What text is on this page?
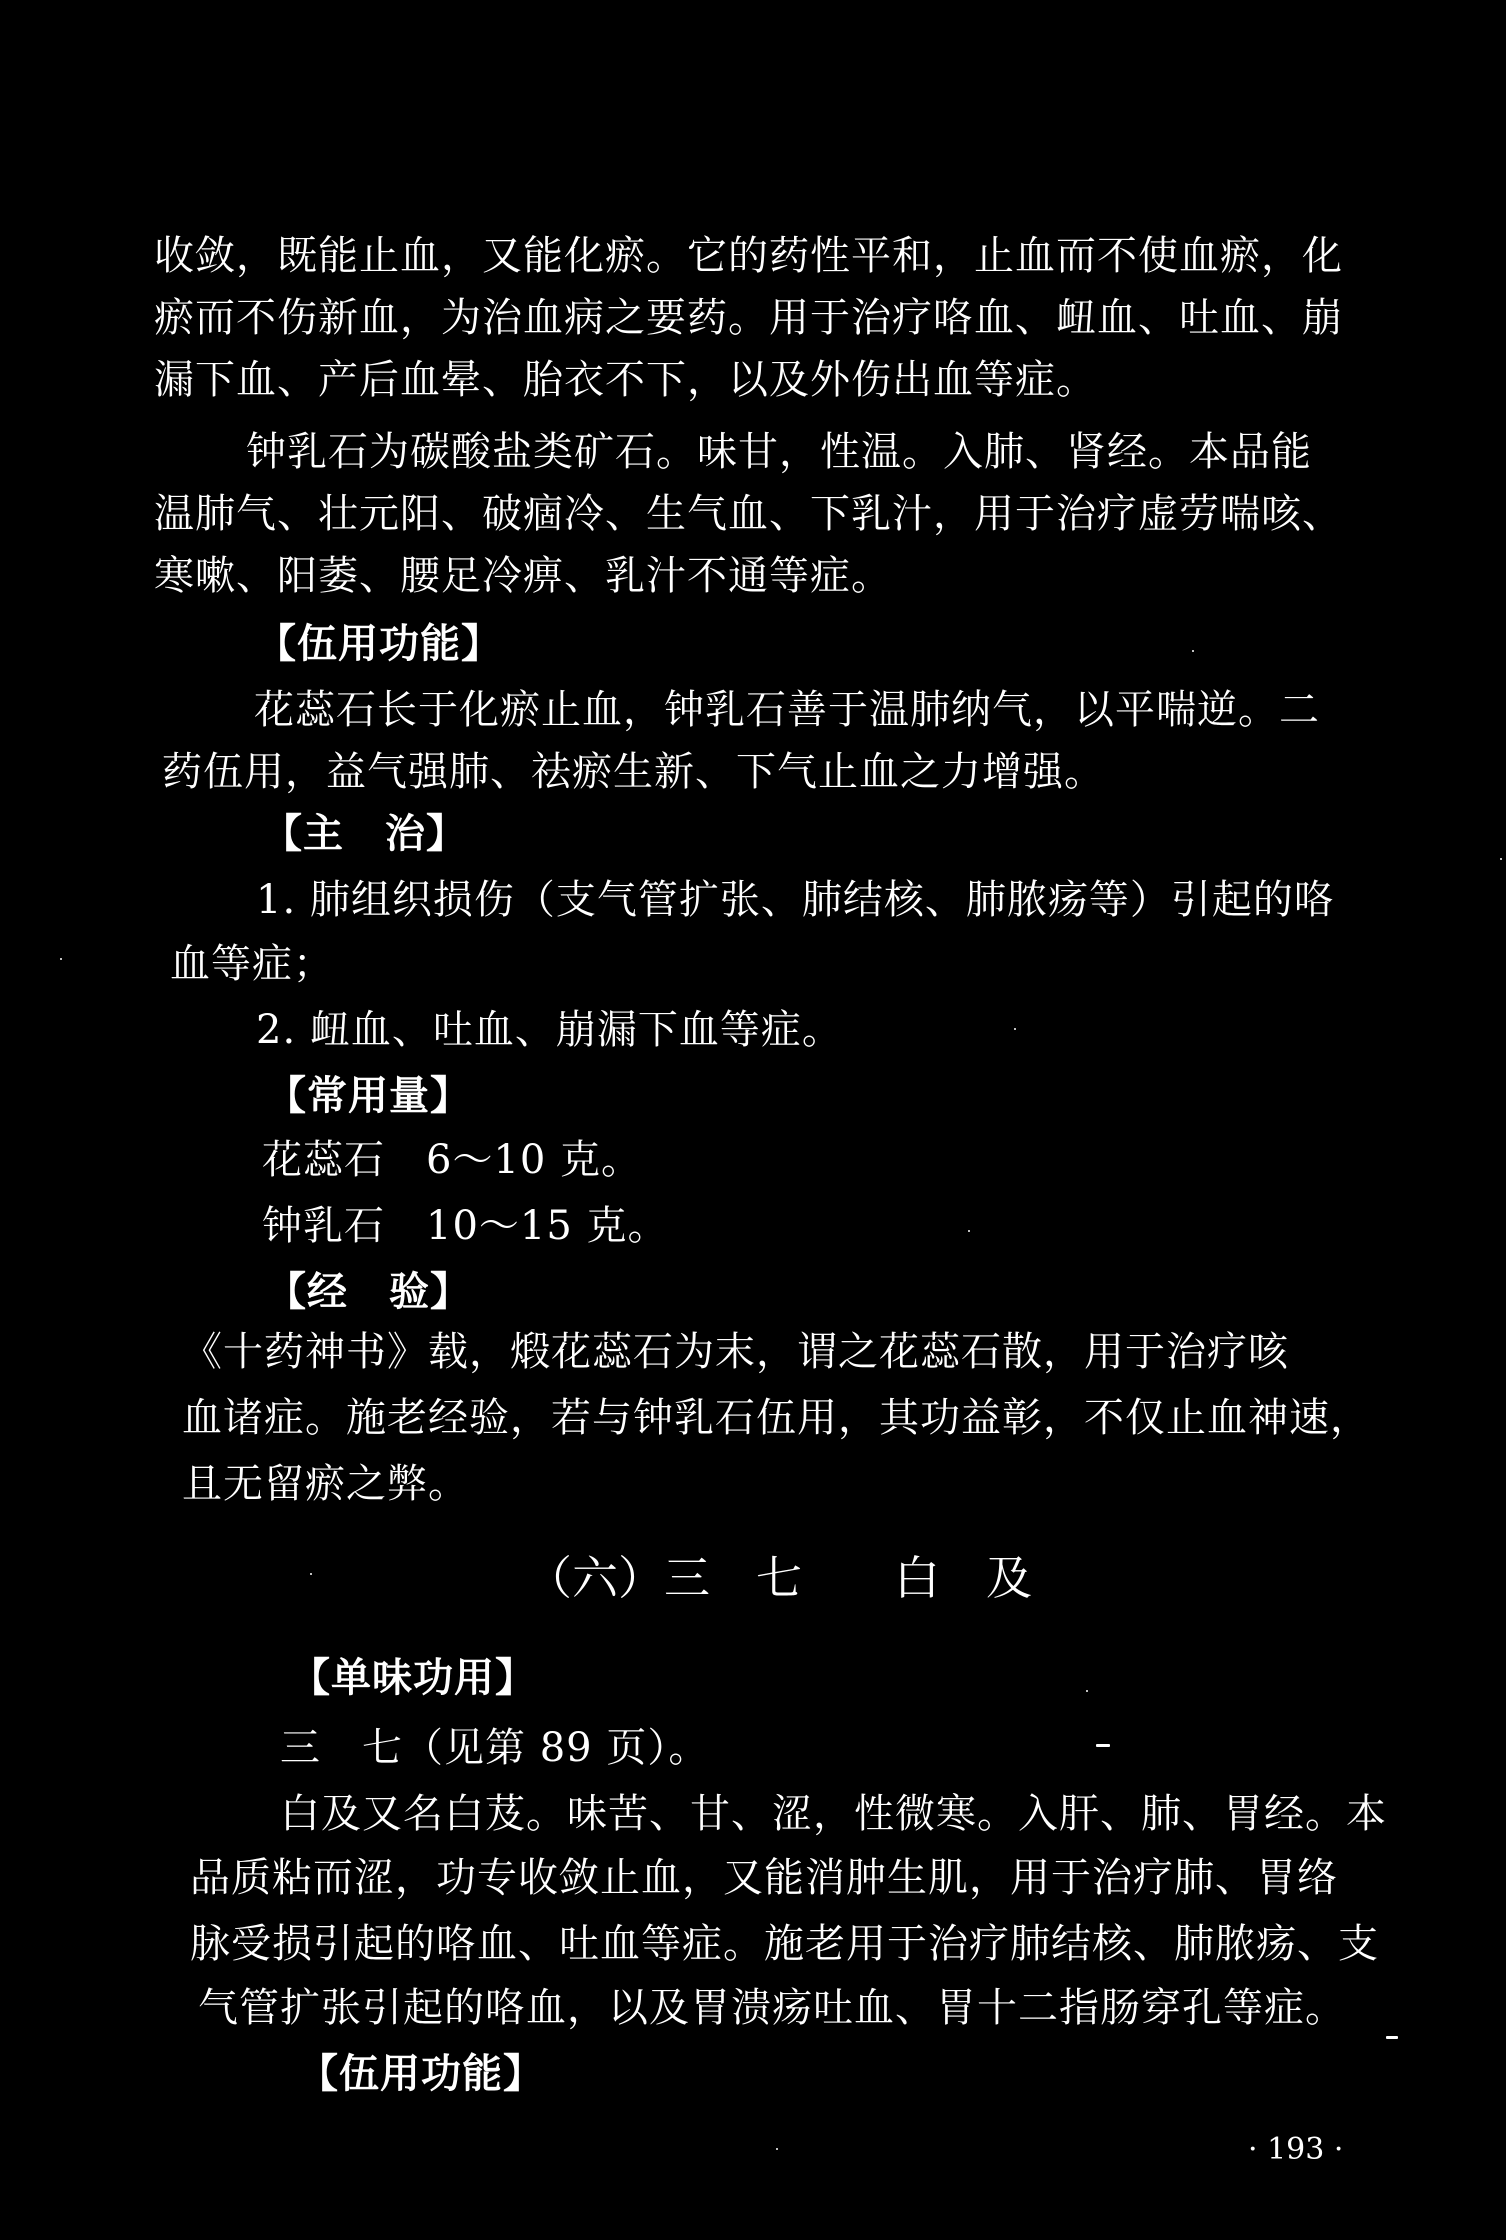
收敛，既能止血，又能化瘀。它的药性平和，止血而不使血瘀，化
瘀而不伤新血，为治血病之要药。用于治疗咯血、衄血、吐血、崩
漏下血、产后血晕、胎衣不下，以及外伤出血等症。
钟乳石为碳酸盐类矿石。味甘，性温。入肺、肾经。本品能
温肺气、壮元阳、破痼冷、生气血、下乳汁，用于治疗虚劳喘咳、
寒嗽、阳萎、腰足冷痹、乳汁不通等症。
【伍用功能】
花蕊石长于化瘀止血，钟乳石善于温肺纳气，以平喘逆。二
药伍用，益气强肺、祛瘀生新、下气止血之力增强。
【主　治】
1. 肺组织损伤（支气管扩张、肺结核、肺脓疡等）引起的咯
血等症；
2. 衄血、吐血、崩漏下血等症。
【常用量】
花蕊石　6～10 克。
钟乳石　10～15 克。
【经　验】
《十药神书》载，煅花蕊石为末，谓之花蕊石散，用于治疗咳
血诸症。施老经验，若与钟乳石伍用，其功益彰，不仅止血神速，
且无留瘀之弊。
（六）三　七　　白　及
【单味功用】
三　七（见第 89 页）。
白及又名白芨。味苦、甘、涩，性微寒。入肝、肺、胃经。本
品质粘而涩，功专收敛止血，又能消肿生肌，用于治疗肺、胃络
脉受损引起的咯血、吐血等症。施老用于治疗肺结核、肺脓疡、支
气管扩张引起的咯血，以及胃溃疡吐血、胃十二指肠穿孔等症。
【伍用功能】
· 193 ·
